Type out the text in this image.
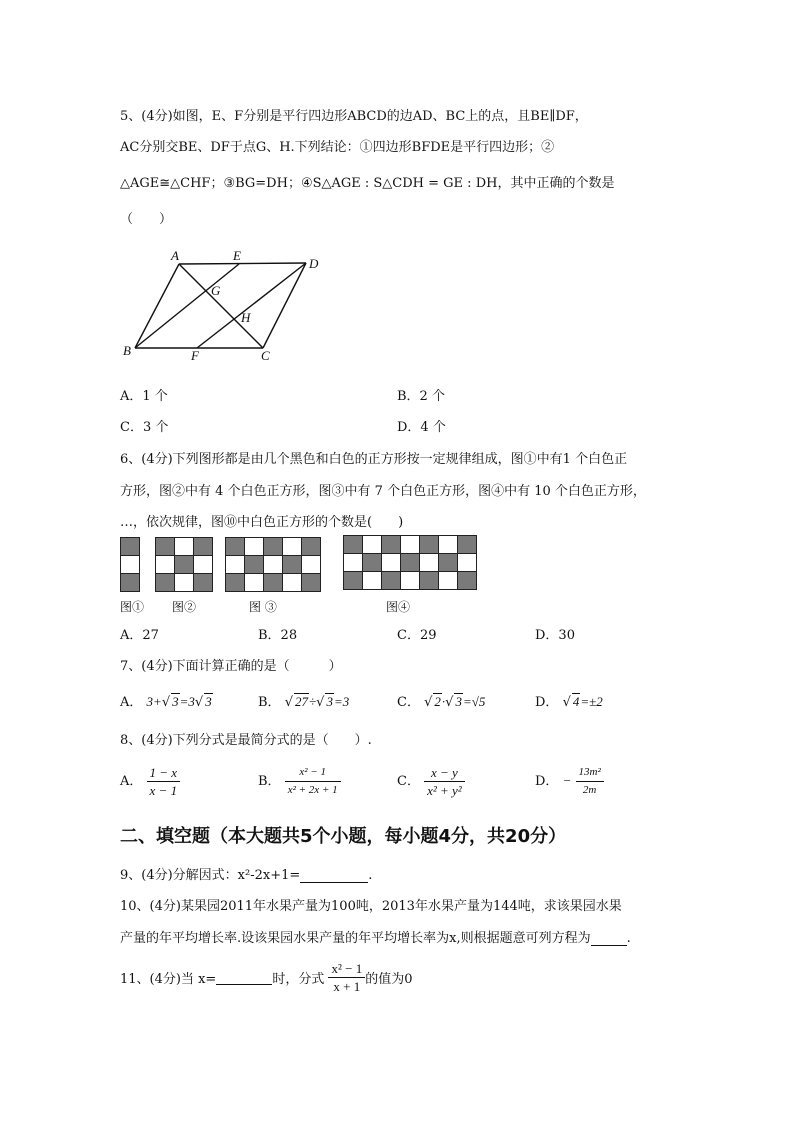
5、(4分)如图，E、F分别是平行四边形ABCD的边AD、BC上的点，且BE∥DF，
AC分别交BE、DF于点G、H.下列结论：①四边形BFDE是平行四边形；②
△AGE≅△CHF；③BG=DH；④S△AGE : S△CDH = GE : DH，其中正确的个数是
（　　）
A	E
D
G
H
B	F	C
A．1 个	B．2 个
C．3 个	D．4 个
6、(4分)下列图形都是由几个黑色和白色的正方形按一定规律组成，图①中有1 个白色正
方形，图②中有 4 个白色正方形，图③中有 7 个白色正方形，图④中有 10 个白色正方形，
…，依次规律，图⑩中白色正方形的个数是(　　)
图① 图②	图 ③	图④
A．27	B．28	C．29	D．30
7、(4分)下面计算正确的是（　　　）
A． 3+√ 3=3√ 3	B． √ 27÷√ 3=3	C． √ 2·√ 3=√5	D． √ 4=±2
8、(4分)下列分式是最简分式的是（　　）.
A． $\frac{1 - x}{x - 1}$	B． $\frac{\text{x² − 1}}{\text{x² + 2x + 1}}$	C． $\frac{x - y}{\text{x² + y²}}$	D． − $\frac{\text{13m²}}{2m}$
二、填空题（本大题共5个小题，每小题4分，共20分）
9、(4分)分解因式：x²-2x+1=	.
10、(4分)某果园2011年水果产量为100吨，2013年水果产量为144吨，求该果园水果
产量的年平均增长率.设该果园水果产量的年平均增长率为x,则根据题意可列方程为	.
11、(4分)当 x=	时，分式 $\frac{\text{x² − 1}}{x + 1}$ 的值为0
